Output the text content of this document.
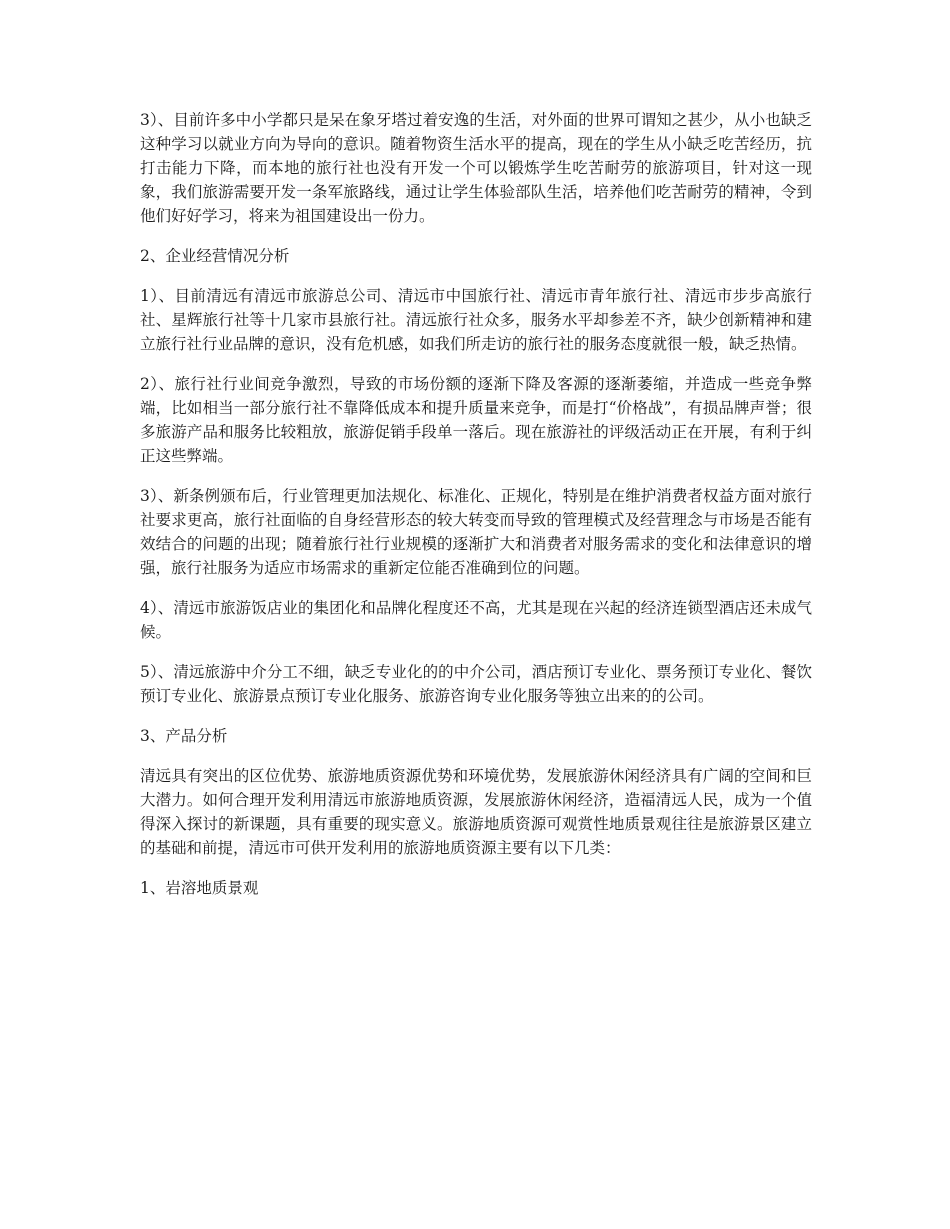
3）、目前许多中小学都只是呆在象牙塔过着安逸的生活，对外面的世界可谓知之甚少，从小也缺乏这种学习以就业方向为导向的意识。随着物资生活水平的提高，现在的学生从小缺乏吃苦经历，抗打击能力下降，而本地的旅行社也没有开发一个可以锻炼学生吃苦耐劳的旅游项目，针对这一现象，我们旅游需要开发一条军旅路线，通过让学生体验部队生活，培养他们吃苦耐劳的精神，令到他们好好学习，将来为祖国建设出一份力。

2、企业经营情况分析

1）、目前清远有清远市旅游总公司、清远市中国旅行社、清远市青年旅行社、清远市步步高旅行社、星辉旅行社等十几家市县旅行社。清远旅行社众多，服务水平却参差不齐，缺少创新精神和建立旅行社行业品牌的意识，没有危机感，如我们所走访的旅行社的服务态度就很一般，缺乏热情。

2）、旅行社行业间竞争激烈，导致的市场份额的逐渐下降及客源的逐渐萎缩，并造成一些竞争弊端，比如相当一部分旅行社不靠降低成本和提升质量来竞争，而是打“价格战”，有损品牌声誉；很多旅游产品和服务比较粗放，旅游促销手段单一落后。现在旅游社的评级活动正在开展，有利于纠正这些弊端。

3）、新条例颁布后，行业管理更加法规化、标准化、正规化，特别是在维护消费者权益方面对旅行社要求更高，旅行社面临的自身经营形态的较大转变而导致的管理模式及经营理念与市场是否能有效结合的问题的出现；随着旅行社行业规模的逐渐扩大和消费者对服务需求的变化和法律意识的增强，旅行社服务为适应市场需求的重新定位能否准确到位的问题。

4）、清远市旅游饭店业的集团化和品牌化程度还不高，尤其是现在兴起的经济连锁型酒店还未成气候。

5）、清远旅游中介分工不细，缺乏专业化的的中介公司，酒店预订专业化、票务预订专业化、餐饮预订专业化、旅游景点预订专业化服务、旅游咨询专业化服务等独立出来的的公司。

3、产品分析

清远具有突出的区位优势、旅游地质资源优势和环境优势，发展旅游休闲经济具有广阔的空间和巨大潜力。如何合理开发利用清远市旅游地质资源，发展旅游休闲经济，造福清远人民，成为一个值得深入探讨的新课题，具有重要的现实意义。旅游地质资源可观赏性地质景观往往是旅游景区建立的基础和前提，清远市可供开发利用的旅游地质资源主要有以下几类：

1、岩溶地质景观
